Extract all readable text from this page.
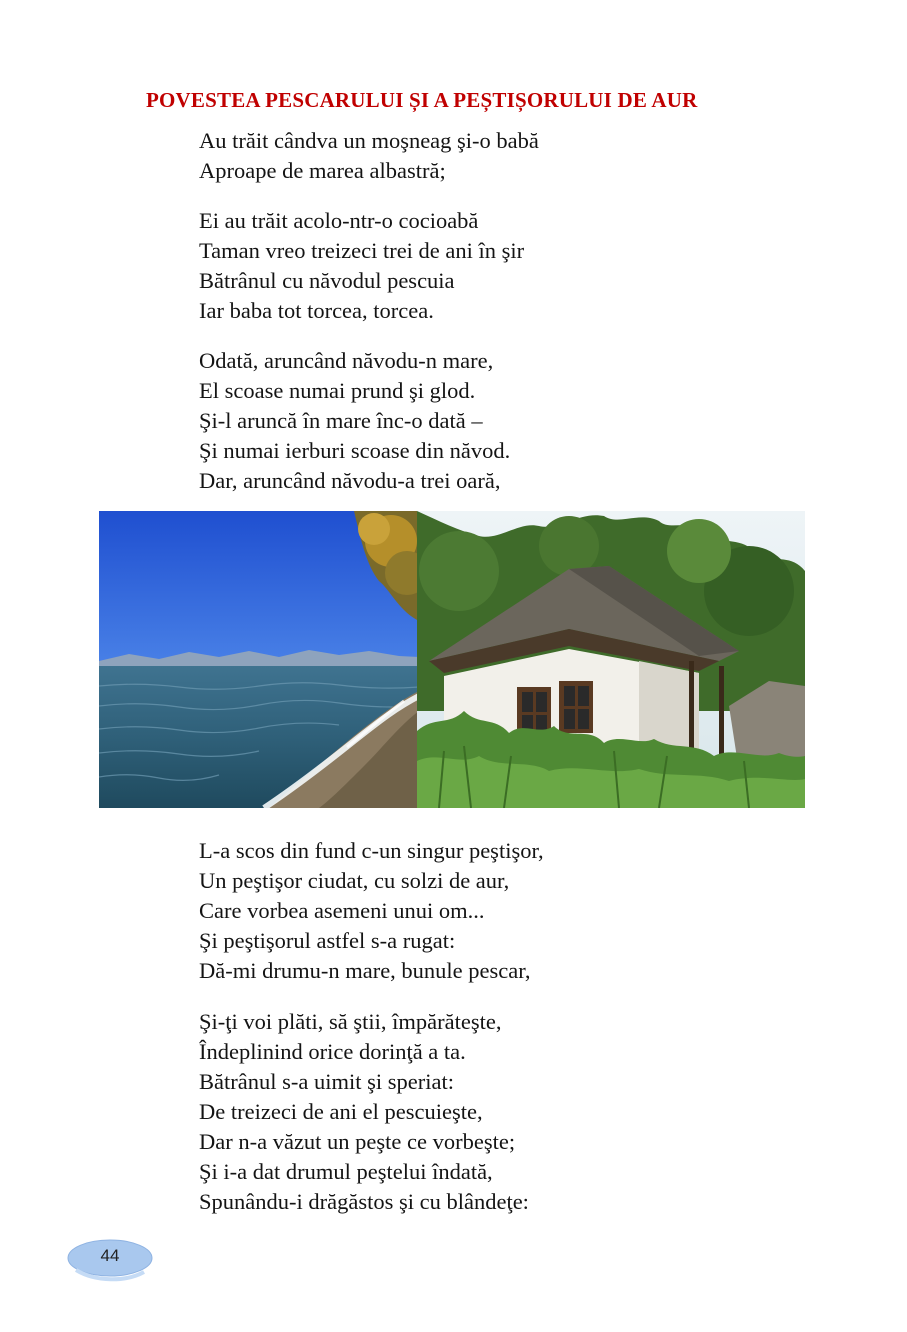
POVESTEA PESCARULUI ȘI A PEȘTIȘORULUI DE AUR
Au trăit cândva un moşneag şi-o babă
Aproape de marea albastră;
Ei au trăit acolo-ntr-o cocioabă
Taman vreo treizeci trei de ani în şir
Bătrânul cu năvodul pescuia
Iar baba tot torcea, torcea.
Odată, aruncând năvodu-n mare,
El scoase numai prund şi glod.
Şi-l aruncă în mare înc-o dată –
Şi numai ierburi scoase din năvod.
Dar, aruncând năvodu-a trei oară,
L-a scos din fund c-un singur peştişor,
Un peştişor ciudat, cu solzi de aur,
Care vorbea asemeni unui om...
Şi peştişorul astfel s-a rugat:
Dă-mi drumu-n mare, bunule pescar,
Şi-ţi voi plăti, să ştii, împărăteşte,
Îndeplinind orice dorinţă a ta.
Bătrânul s-a uimit şi speriat:
De treizeci de ani el pescuieşte,
Dar n-a văzut un peşte ce vorbeşte;
Şi i-a dat drumul peştelui îndată,
Spunându-i drăgăstos şi cu blândeţe:
44
